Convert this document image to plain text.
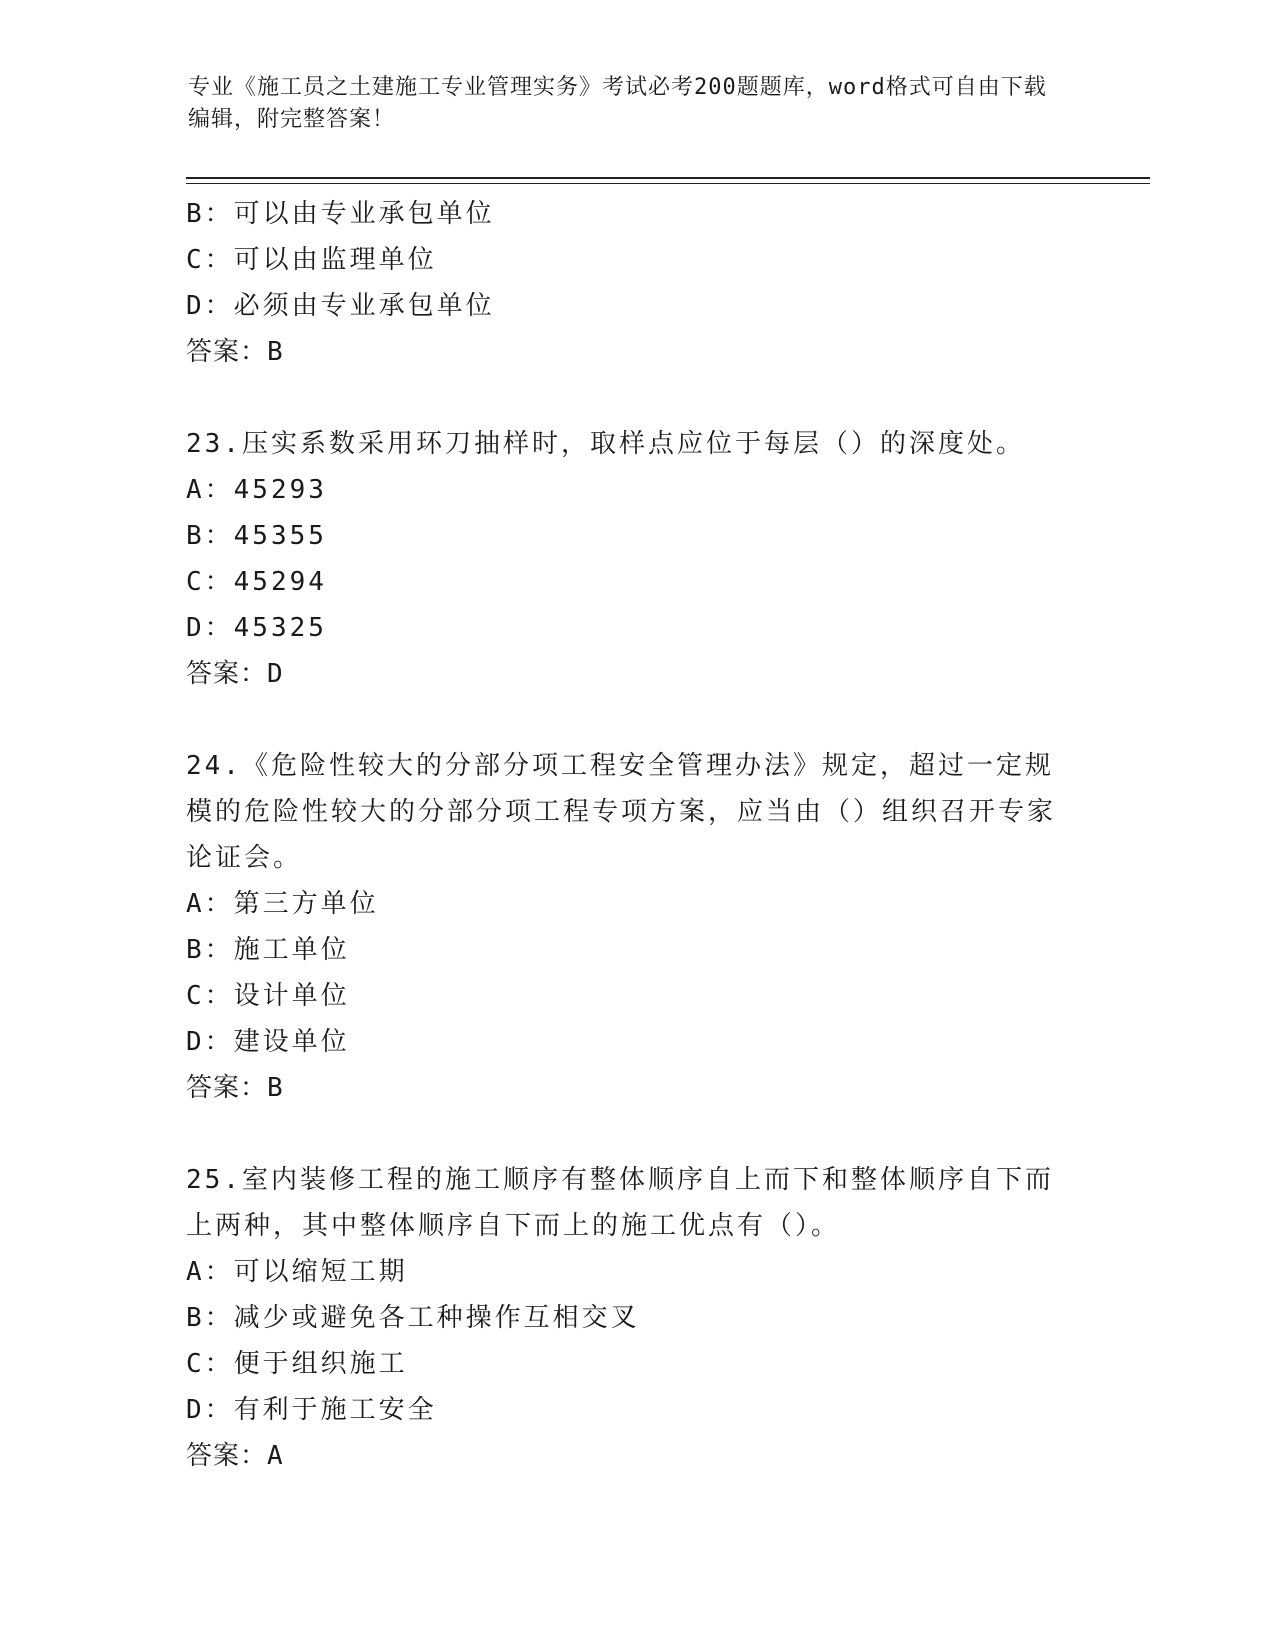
专业《施工员之土建施工专业管理实务》考试必考200题题库，word格式可自由下载编辑，附完整答案！
B：可以由专业承包单位
C：可以由监理单位
D：必须由专业承包单位
答案：B
23.压实系数采用环刀抽样时，取样点应位于每层（）的深度处。
A：45293
B：45355
C：45294
D：45325
答案：D
24.《危险性较大的分部分项工程安全管理办法》规定，超过一定规模的危险性较大的分部分项工程专项方案，应当由（）组织召开专家论证会。
A：第三方单位
B：施工单位
C：设计单位
D：建设单位
答案：B
25.室内装修工程的施工顺序有整体顺序自上而下和整体顺序自下而上两种，其中整体顺序自下而上的施工优点有（）。
A：可以缩短工期
B：减少或避免各工种操作互相交叉
C：便于组织施工
D：有利于施工安全
答案：A
